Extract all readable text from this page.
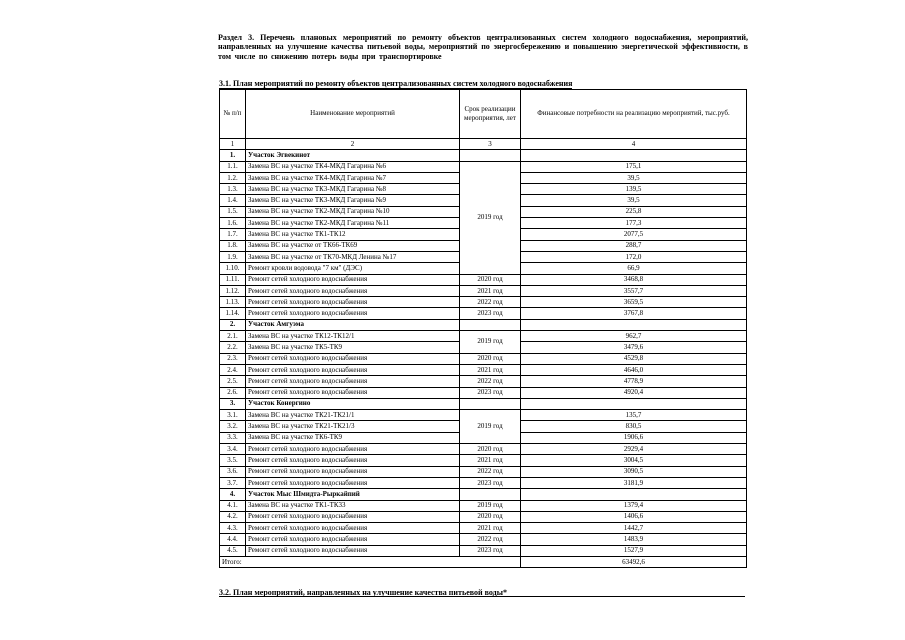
Раздел 3. Перечень плановых мероприятий по ремонту объектов централизованных систем холодного водоснабжения, мероприятий, направленных на улучшение качества питьевой воды, мероприятий по энергосбережению и повышению энергетической эффективности, в том числе по снижению потерь воды при транспортировке
3.1. План мероприятий по ремонту объектов централизованных систем холодного водоснабжения
№ п/п	Наименование мероприятий	Срок реализации мероприятия, лет	Финансовые потребности на реализацию мероприятий, тыс.руб.
1	2	3	4
1.	Участок Эгвекинот		
1.1.	Замена ВС на участке ТК4-МКД Гагарина №6	2019 год	175,1
1.2.	Замена ВС на участке ТК4-МКД Гагарина №7		39,5
1.3.	Замена ВС на участке ТК3-МКД Гагарина №8		139,5
1.4.	Замена ВС на участке ТК3-МКД Гагарина №9		39,5
1.5.	Замена ВС на участке ТК2-МКД Гагарина №10		225,8
1.6.	Замена ВС на участке ТК2-МКД Гагарина №11		177,3
1.7.	Замена ВС на участке ТК1-ТК12		2077,5
1.8.	Замена ВС на участке от ТК66-ТК69		288,7
1.9.	Замена ВС на участке от ТК70-МКД Ленина №17		172,0
1.10.	Ремонт кровли водовода "7 км" (ДЭС)		66,9
1.11.	Ремонт сетей холодного водоснабжения	2020 год	3468,8
1.12.	Ремонт сетей холодного водоснабжения	2021 год	3557,7
1.13.	Ремонт сетей холодного водоснабжения	2022 год	3659,5
1.14.	Ремонт сетей холодного водоснабжения	2023 год	3767,8
2.	Участок Амгуэма		
2.1.	Замена ВС на участке ТК12-ТК12/1	2019 год	962,7
2.2.	Замена ВС на участке ТК5-ТК9		3479,6
2.3.	Ремонт сетей холодного водоснабжения	2020 год	4529,8
2.4.	Ремонт сетей холодного водоснабжения	2021 год	4646,0
2.5.	Ремонт сетей холодного водоснабжения	2022 год	4778,9
2.6.	Ремонт сетей холодного водоснабжения	2023 год	4920,4
3.	Участок Конергино		
3.1.	Замена ВС на участке ТК21-ТК21/1	2019 год	135,7
3.2.	Замена ВС на участке ТК21-ТК21/3		830,5
3.3.	Замена ВС на участке ТК6-ТК9		1906,6
3.4.	Ремонт сетей холодного водоснабжения	2020 год	2929,4
3.5.	Ремонт сетей холодного водоснабжения	2021 год	3004,5
3.6.	Ремонт сетей холодного водоснабжения	2022 год	3090,5
3.7.	Ремонт сетей холодного водоснабжения	2023 год	3181,9
4.	Участок Мыс Шмидта-Рыркайпий		
4.1.	Замена ВС на участке ТК1-ТК33	2019 год	1379,4
4.2.	Ремонт сетей холодного водоснабжения	2020 год	1406,6
4.3.	Ремонт сетей холодного водоснабжения	2021 год	1442,7
4.4.	Ремонт сетей холодного водоснабжения	2022 год	1483,9
4.5.	Ремонт сетей холодного водоснабжения	2023 год	1527,9
Итого:			63492,6
3.2. План мероприятий, направленных на улучшение качества питьевой воды*
